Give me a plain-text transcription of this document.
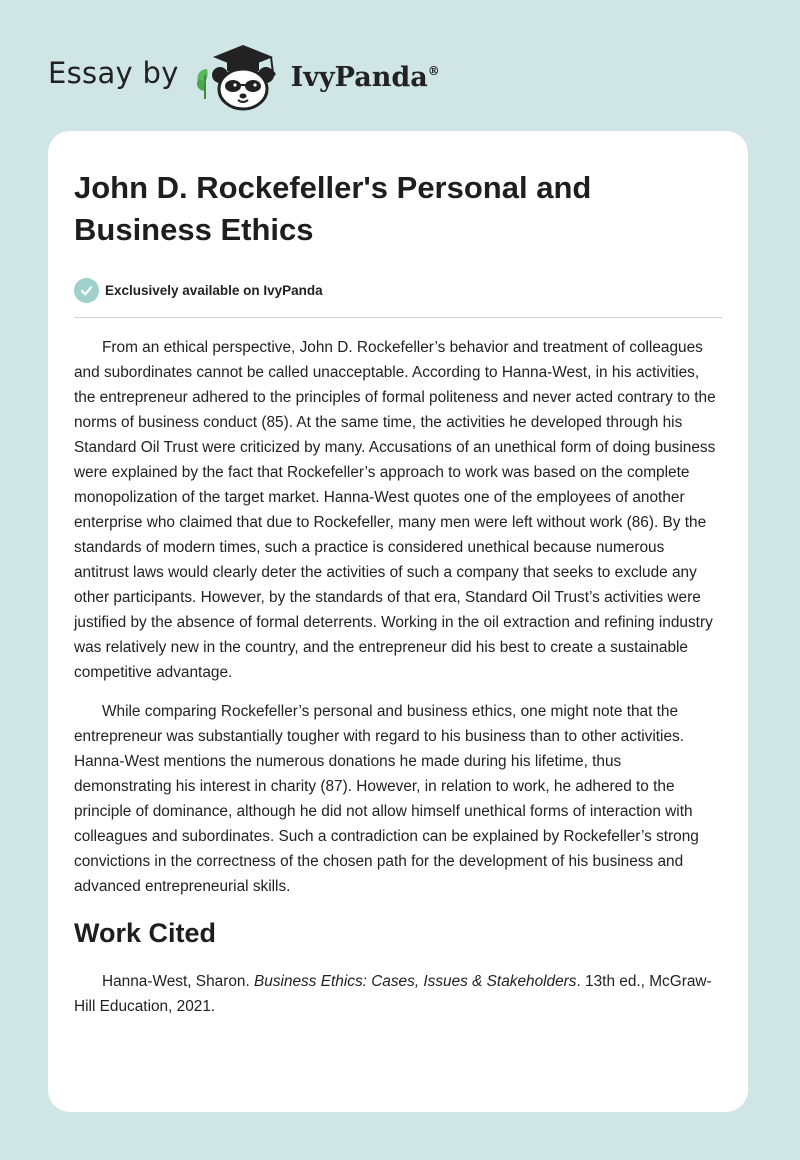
Essay by	IvyPanda®
John D. Rockefeller's Personal and Business Ethics
Exclusively available on IvyPanda

From an ethical perspective, John D. Rockefeller’s behavior and treatment of colleagues and subordinates cannot be called unacceptable. According to Hanna-West, in his activities, the entrepreneur adhered to the principles of formal politeness and never acted contrary to the norms of business conduct (85). At the same time, the activities he developed through his Standard Oil Trust were criticized by many. Accusations of an unethical form of doing business were explained by the fact that Rockefeller’s approach to work was based on the complete monopolization of the target market. Hanna-West quotes one of the employees of another enterprise who claimed that due to Rockefeller, many men were left without work (86). By the standards of modern times, such a practice is considered unethical because numerous antitrust laws would clearly deter the activities of such a company that seeks to exclude any other participants. However, by the standards of that era, Standard Oil Trust’s activities were justified by the absence of formal deterrents. Working in the oil extraction and refining industry was relatively new in the country, and the entrepreneur did his best to create a sustainable competitive advantage.

While comparing Rockefeller’s personal and business ethics, one might note that the entrepreneur was substantially tougher with regard to his business than to other activities. Hanna-West mentions the numerous donations he made during his lifetime, thus demonstrating his interest in charity (87). However, in relation to work, he adhered to the principle of dominance, although he did not allow himself unethical forms of interaction with colleagues and subordinates. Such a contradiction can be explained by Rockefeller’s strong convictions in the correctness of the chosen path for the development of his business and advanced entrepreneurial skills.

Work Cited

Hanna-West, Sharon. Business Ethics: Cases, Issues & Stakeholders. 13th ed., McGraw-Hill Education, 2021.
